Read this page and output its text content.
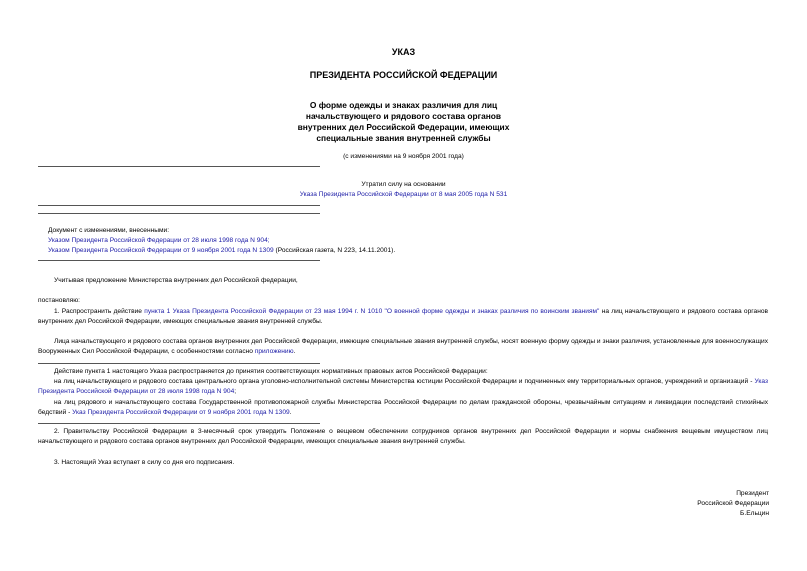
УКАЗ
ПРЕЗИДЕНТА РОССИЙСКОЙ ФЕДЕРАЦИИ
О форме одежды и знаках различия для лиц
начальствующего и рядового состава органов
внутренних дел Российской Федерации, имеющих
специальные звания внутренней службы
(с изменениями на 9 ноября 2001 года)
Утратил силу на основании
Указа Президента Российской Федерации от 8 мая 2005 года N 531
Документ с изменениями, внесенными:
Указом Президента Российской Федерации от 28 июля 1998 года N 904;
Указом Президента Российской Федерации от 9 ноября 2001 года N 1309 (Российская газета, N 223, 14.11.2001).
Учитывая предложение Министерства внутренних дел Российской федерации,
постановляю:
1. Распространить действие пункта 1 Указа Президента Российской Федерации от 23 мая 1994 г. N 1010 "О военной форме одежды и знаках различия по воинским званиям" на лиц начальствующего и рядового состава органов внутренних дел Российской Федерации, имеющих специальные звания внутренней службы.
Лица начальствующего и рядового состава органов внутренних дел Российской Федерации, имеющие специальные звания внутренней службы, носят военную форму одежды и знаки различия, установленные для военнослужащих Вооруженных Сил Российской Федерации, с особенностями согласно приложению.
Действие пункта 1 настоящего Указа распространяется до принятия соответствующих нормативных правовых актов Российской Федерации:
на лиц начальствующего и рядового состава центрального органа уголовно-исполнительной системы Министерства юстиции Российской Федерации и подчиненных ему территориальных органов, учреждений и организаций - Указ Президента Российской Федерации от 28 июля 1998 года N 904;
на лиц рядового и начальствующего состава Государственной противопожарной службы Министерства Российской Федерации по делам гражданской обороны, чрезвычайным ситуациям и ликвидации последствий стихийных бедствий - Указ Президента Российской Федерации от 9 ноября 2001 года N 1309.
2. Правительству Российской Федерации в 3-месячный срок утвердить Положение о вещевом обеспечении сотрудников органов внутренних дел Российской Федерации и нормы снабжения вещевым имуществом лиц начальствующего и рядового состава органов внутренних дел Российской Федерации, имеющих специальные звания внутренней службы.
3. Настоящий Указ вступает в силу со дня его подписания.
Президент
Российской Федерации
Б.Ельцин
